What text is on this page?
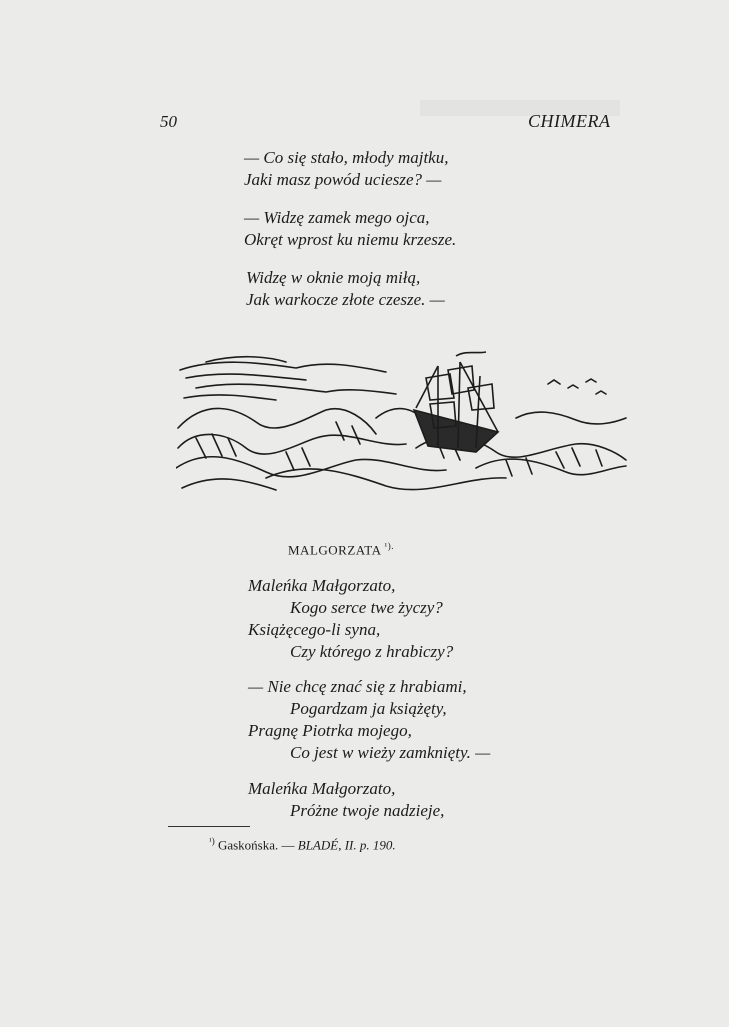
50	CHIMERA
— Co się stało, młody majtku,
Jaki masz powód uciesze? —
— Widzę zamek mego ojca,
Okręt wprost ku niemu krzesze.
Widzę w oknie moją miłą,
Jak warkocze złote czesze. —
MALGORZATA $^{^1).}$
Maleńka Małgorzato,
Kogo serce twe życzy?
Książęcego-li syna,
Czy którego z hrabiczy?
— Nie chcę znać się z hrabiami,
Pogardzam ja książęty,
Pragnę Piotrka mojego,
Co jest w wieży zamknięty. —
Maleńka Małgorzato,
Próżne twoje nadzieje,
$^{^1)}$ Gaskońska. — BLADÉ, II. p. 190.
